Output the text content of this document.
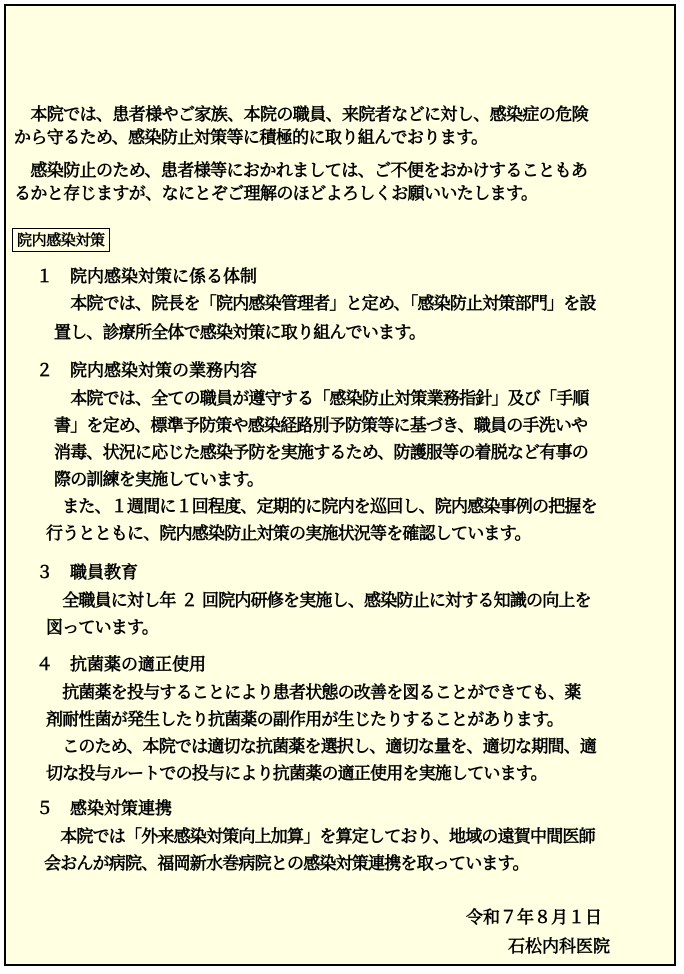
　本院では、患者様やご家族、本院の職員、来院者などに対し、感染症の危険
から守るため、感染防止対策等に積極的に取り組んでおります。
　感染防止のため、患者様等におかれましては、ご不便をおかけすることもあ
るかと存じますが、なにとぞご理解のほどよろしくお願いいたします。
院内感染対策
１ 院内感染対策に係る体制
　本院では、院長を「院内感染管理者」と定め、「感染防止対策部門」を設
置し、診療所全体で感染対策に取り組んでいます。
２ 院内感染対策の業務内容
　本院では、全ての職員が遵守する「感染防止対策業務指針」及び「手順
書」を定め、標準予防策や感染経路別予防策等に基づき、職員の手洗いや
消毒、状況に応じた感染予防を実施するため、防護服等の着脱など有事の
際の訓練を実施しています。
　また、１週間に１回程度、定期的に院内を巡回し、院内感染事例の把握を
行うとともに、院内感染防止対策の実施状況等を確認しています。
３ 職員教育
　全職員に対し年 ２ 回院内研修を実施し、感染防止に対する知識の向上を
図っています。
４ 抗菌薬の適正使用
　抗菌薬を投与することにより患者状態の改善を図ることができても、薬
剤耐性菌が発生したり抗菌薬の副作用が生じたりすることがあります。
　このため、本院では適切な抗菌薬を選択し、適切な量を、適切な期間、適
切な投与ルートでの投与により抗菌薬の適正使用を実施しています。
５ 感染対策連携
　本院では「外来感染対策向上加算」を算定しており、地域の遠賀中間医師
会おんが病院、福岡新水巻病院との感染対策連携を取っています。
令和７年８月１日
石松内科医院
